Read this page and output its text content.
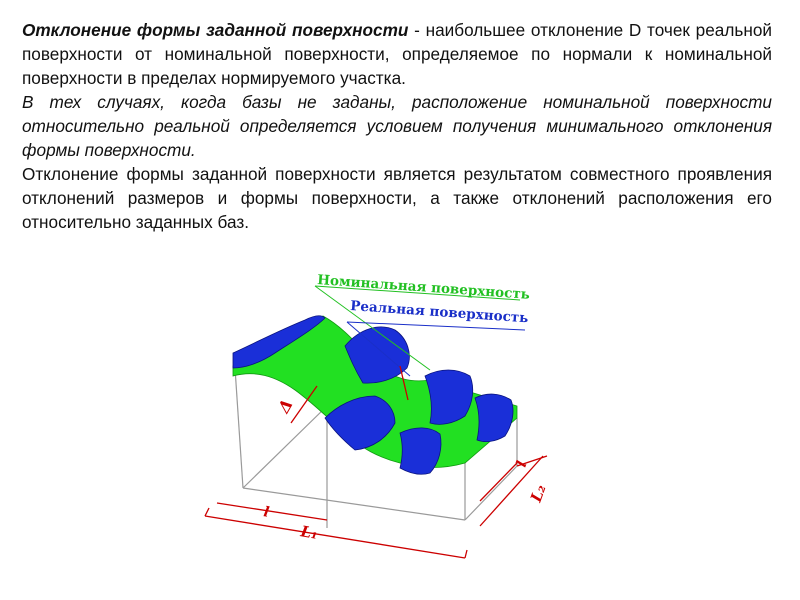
Отклонение формы заданной поверхности - наибольшее отклонение D точек реальной поверхности от номинальной поверхности, определяемое по нормали к номинальной поверхности в пределах нормируемого участка.

В тех случаях, когда базы не заданы, расположение номинальной поверхности относительно реальной определяется условием получения минимального отклонения формы поверхности.

Отклонение формы заданной поверхности является результатом совместного проявления отклонений размеров и формы поверхности, а также отклонений расположения его относительно заданных баз.

Номинальная поверхность
Реальная поверхность
Δ
l
L₁
l
L₂
